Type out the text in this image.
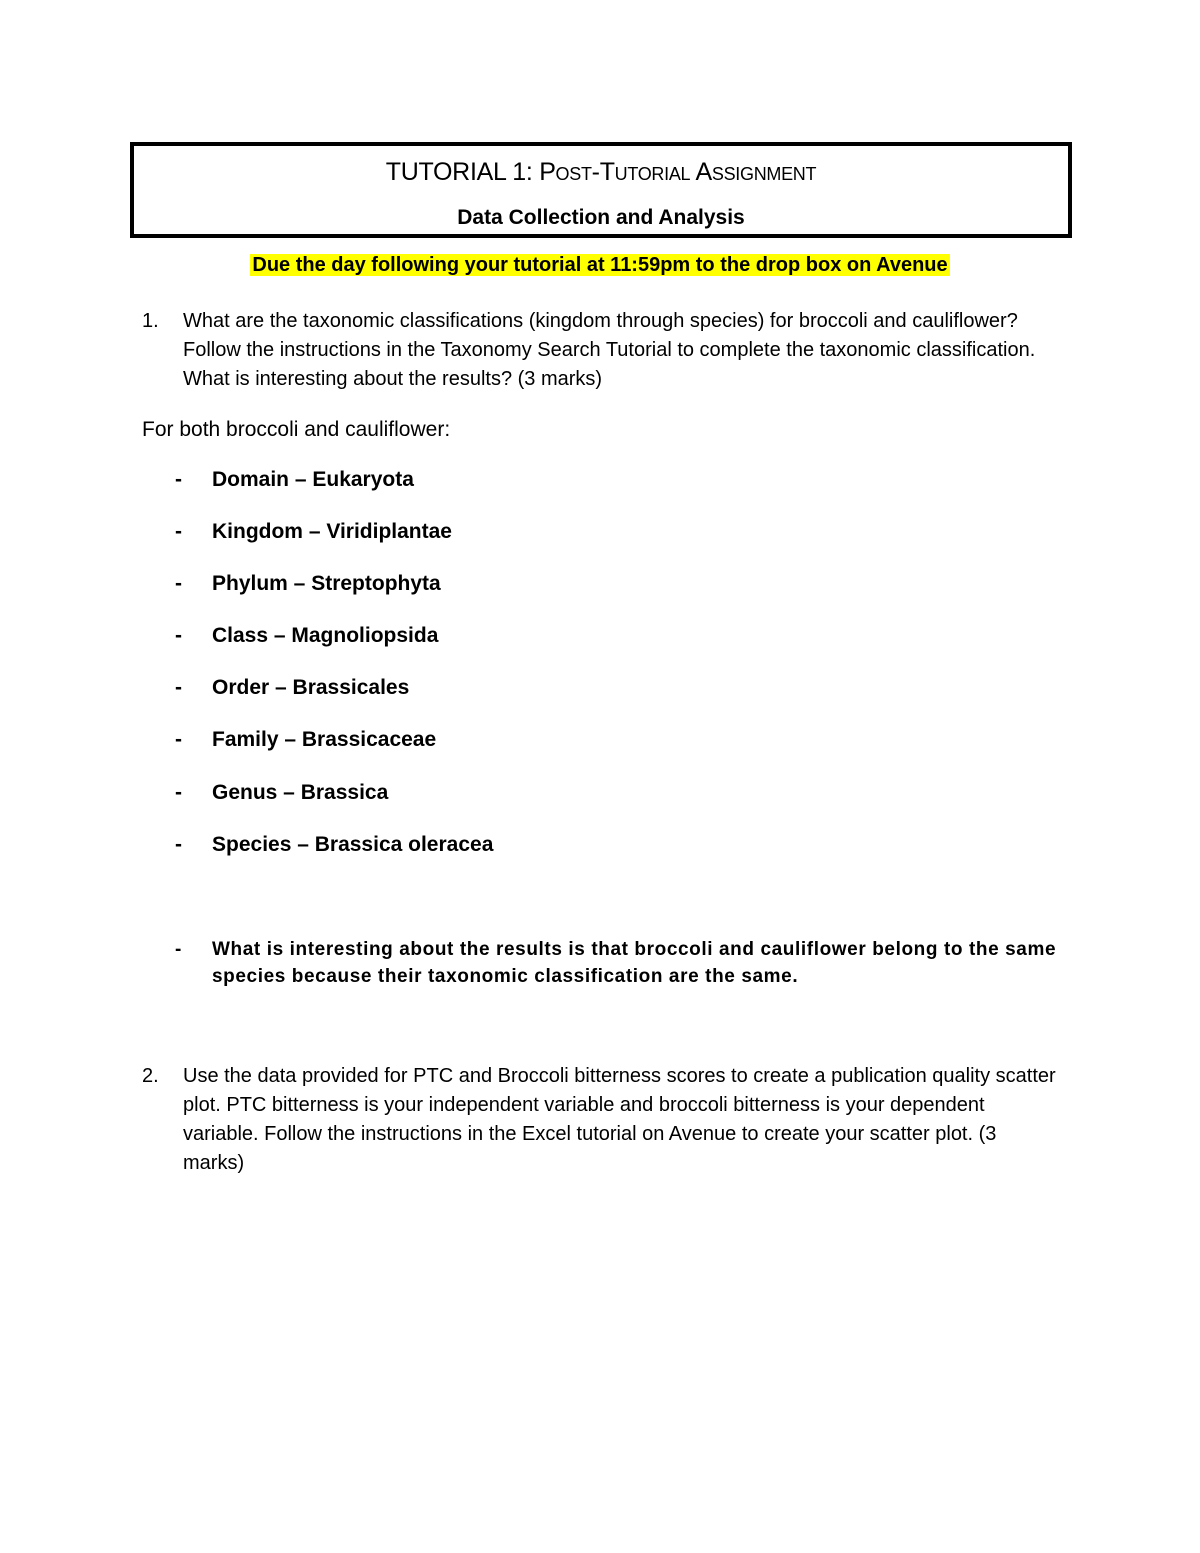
TUTORIAL 1: Post-Tutorial Assignment
Data Collection and Analysis
Due the day following your tutorial at 11:59pm to the drop box on Avenue
1. What are the taxonomic classifications (kingdom through species) for broccoli and cauliflower? Follow the instructions in the Taxonomy Search Tutorial to complete the taxonomic classification. What is interesting about the results? (3 marks)
For both broccoli and cauliflower:
- Domain – Eukaryota
- Kingdom – Viridiplantae
- Phylum – Streptophyta
- Class – Magnoliopsida
- Order – Brassicales
- Family – Brassicaceae
- Genus – Brassica
- Species – Brassica oleracea
- What is interesting about the results is that broccoli and cauliflower belong to the same species because their taxonomic classification are the same.
2. Use the data provided for PTC and Broccoli bitterness scores to create a publication quality scatter plot. PTC bitterness is your independent variable and broccoli bitterness is your dependent variable. Follow the instructions in the Excel tutorial on Avenue to create your scatter plot. (3 marks)
